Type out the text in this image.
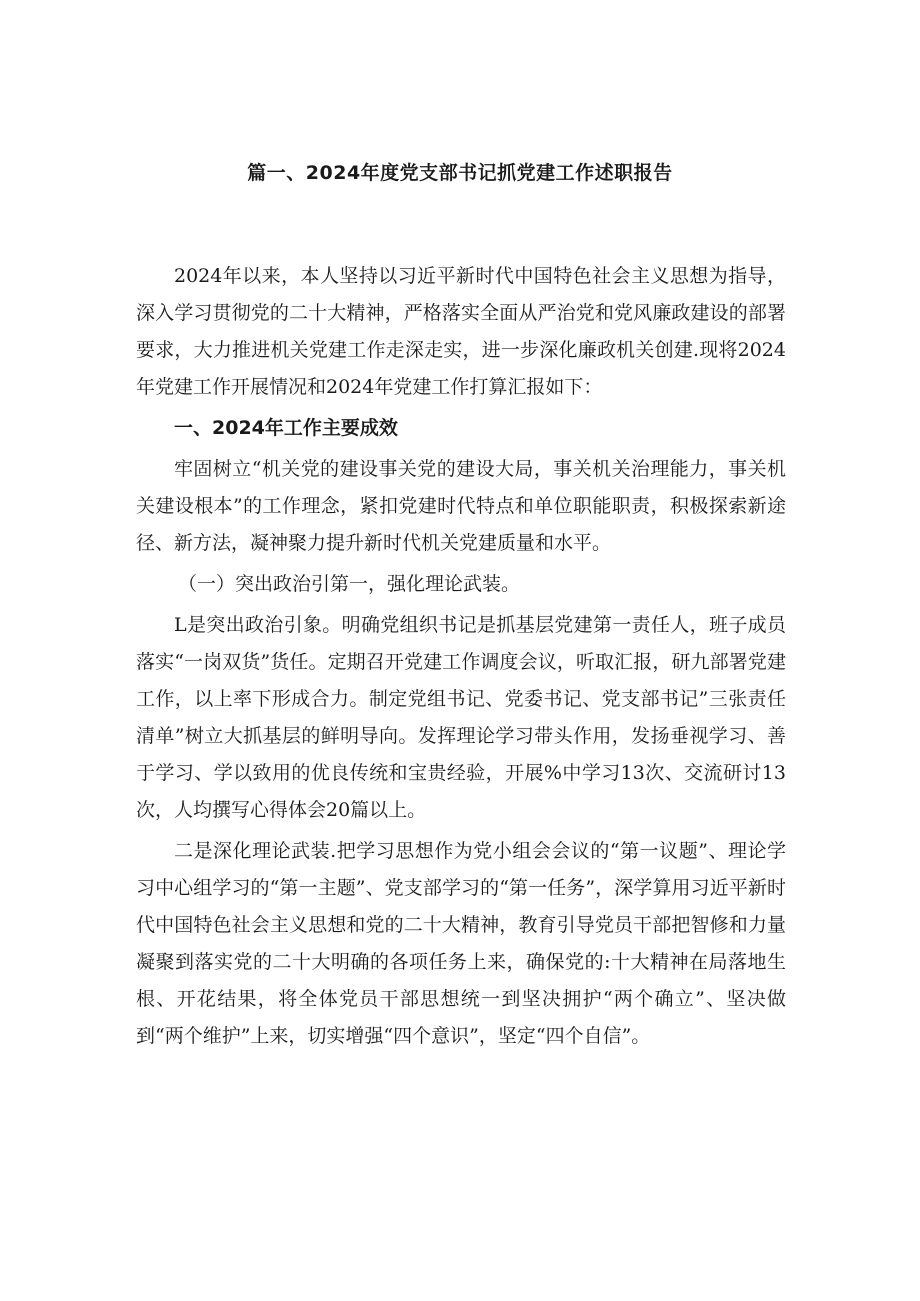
篇一、2024年度党支部书记抓党建工作述职报告

2024年以来，本人坚持以习近平新时代中国特色社会主义思想为指导，深入学习贯彻党的二十大精神，严格落实全面从严治党和党风廉政建设的部署要求，大力推进机关党建工作走深走实，进一步深化廉政机关创建.现将2024年党建工作开展情况和2024年党建工作打算汇报如下：

一、2024年工作主要成效

牢固树立“机关党的建设事关党的建设大局，事关机关治理能力，事关机关建设根本”的工作理念，紧扣党建时代特点和单位职能职责，积极探索新途径、新方法，凝神聚力提升新时代机关党建质量和水平。

（一）突出政治引第一，强化理论武装。

L是突出政治引象。明确党组织书记是抓基层党建第一责任人，班子成员落实“一岗双货”货任。定期召开党建工作调度会议，听取汇报，研九部署党建工作，以上率下形成合力。制定党组书记、党委书记、党支部书记”三张责任清单”树立大抓基层的鲜明导向。发挥理论学习带头作用，发扬垂视学习、善于学习、学以致用的优良传统和宝贵经验，开展%中学习13次、交流研讨13次，人均撰写心得体会20篇以上。

二是深化理论武装.把学习思想作为党小组会会议的“第一议题”、理论学习中心组学习的“第一主题”、党支部学习的“第一任务”，深学算用习近平新时代中国特色社会主义思想和党的二十大精神，教育引导党员干部把智修和力量凝聚到落实党的二十大明确的各项任务上来，确保党的:十大精神在局落地生根、开花结果，将全体党员干部思想统一到坚决拥护“两个确立”、坚决做到“两个维护”上来，切实增强“四个意识”，坚定“四个自信”。
